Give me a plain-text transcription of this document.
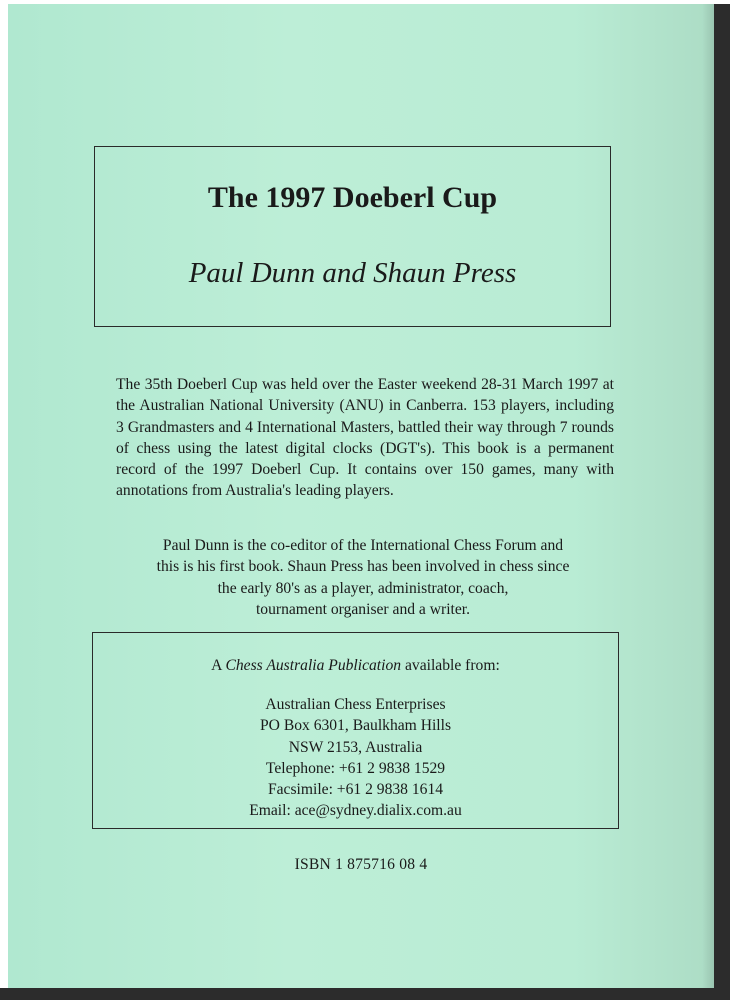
The 1997 Doeberl Cup
Paul Dunn and Shaun Press
The 35th Doeberl Cup was held over the Easter weekend 28-31 March 1997 at the Australian National University (ANU) in Canberra. 153 players, including 3 Grandmasters and 4 International Masters, battled their way through 7 rounds of chess using the latest digital clocks (DGT's). This book is a permanent record of the 1997 Doeberl Cup. It contains over 150 games, many with annotations from Australia's leading players.
Paul Dunn is the co-editor of the International Chess Forum and
this is his first book. Shaun Press has been involved in chess since
the early 80's as a player, administrator, coach,
tournament organiser and a writer.
A Chess Australia Publication available from:
Australian Chess Enterprises
PO Box 6301, Baulkham Hills
NSW 2153, Australia
Telephone: +61 2 9838 1529
Facsimile: +61 2 9838 1614
Email: ace@sydney.dialix.com.au
ISBN 1 875716 08 4
